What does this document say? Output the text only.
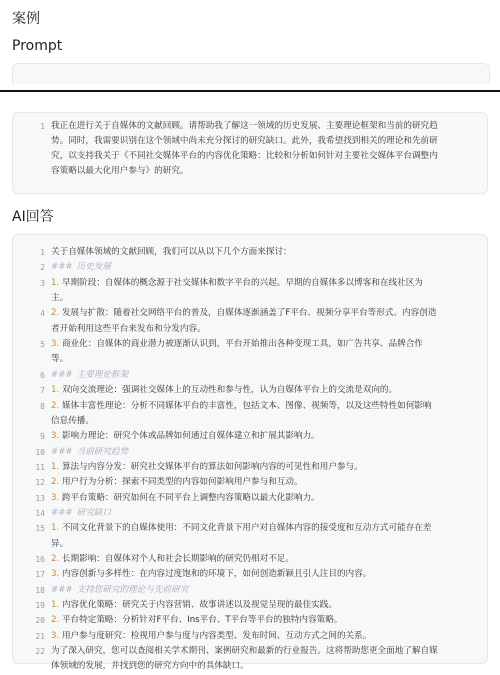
案例
Prompt
1 我正在进行关于自媒体的文献回顾。请帮助我了解这一领域的历史发展、主要理论框架和当前的研究趋
势。同时，我需要识别在这个领域中尚未充分探讨的研究缺口。此外，我希望找到相关的理论和先前研
究，以支持我关于《不同社交媒体平台的内容优化策略：比较和分析如何针对主要社交媒体平台调整内
容策略以最大化用户参与》的研究。
AI回答
1 关于自媒体领域的文献回顾，我们可以从以下几个方面来探讨：
2 ### 历史发展
3 1. 早期阶段：自媒体的概念源于社交媒体和数字平台的兴起。早期的自媒体多以博客和在线社区为
主。
4 2. 发展与扩散：随着社交网络平台的普及，自媒体逐渐涵盖了F平台、视频分享平台等形式。内容创造
者开始利用这些平台来发布和分发内容。
5 3. 商业化：自媒体的商业潜力被逐渐认识到，平台开始推出各种变现工具，如广告共享、品牌合作
等。
6 ### 主要理论框架
7 1. 双向交流理论：强调社交媒体上的互动性和参与性，认为自媒体平台上的交流是双向的。
8 2. 媒体丰富性理论：分析不同媒体平台的丰富性，包括文本、图像、视频等，以及这些特性如何影响
信息传播。
9 3. 影响力理论：研究个体或品牌如何通过自媒体建立和扩展其影响力。
10 ### 当前研究趋势
11 1. 算法与内容分发：研究社交媒体平台的算法如何影响内容的可见性和用户参与。
12 2. 用户行为分析：探索不同类型的内容如何影响用户参与和互动。
13 3. 跨平台策略：研究如何在不同平台上调整内容策略以最大化影响力。
14 ### 研究缺口
15 1. 不同文化背景下的自媒体使用：不同文化背景下用户对自媒体内容的接受度和互动方式可能存在差
异。
16 2. 长期影响：自媒体对个人和社会长期影响的研究仍相对不足。
17 3. 内容创新与多样性：在内容过度饱和的环境下，如何创造新颖且引人注目的内容。
18 ### 支持您研究的理论与先前研究
19 1. 内容优化策略：研究关于内容营销、故事讲述以及视觉呈现的最佳实践。
20 2. 平台特定策略：分析针对F平台、Ins平台、T平台等平台的独特内容策略。
21 3. 用户参与度研究：检视用户参与度与内容类型、发布时间、互动方式之间的关系。
22 为了深入研究，您可以查阅相关学术期刊、案例研究和最新的行业报告。这将帮助您更全面地了解自媒
体领域的发展，并找到您的研究方向中的具体缺口。
